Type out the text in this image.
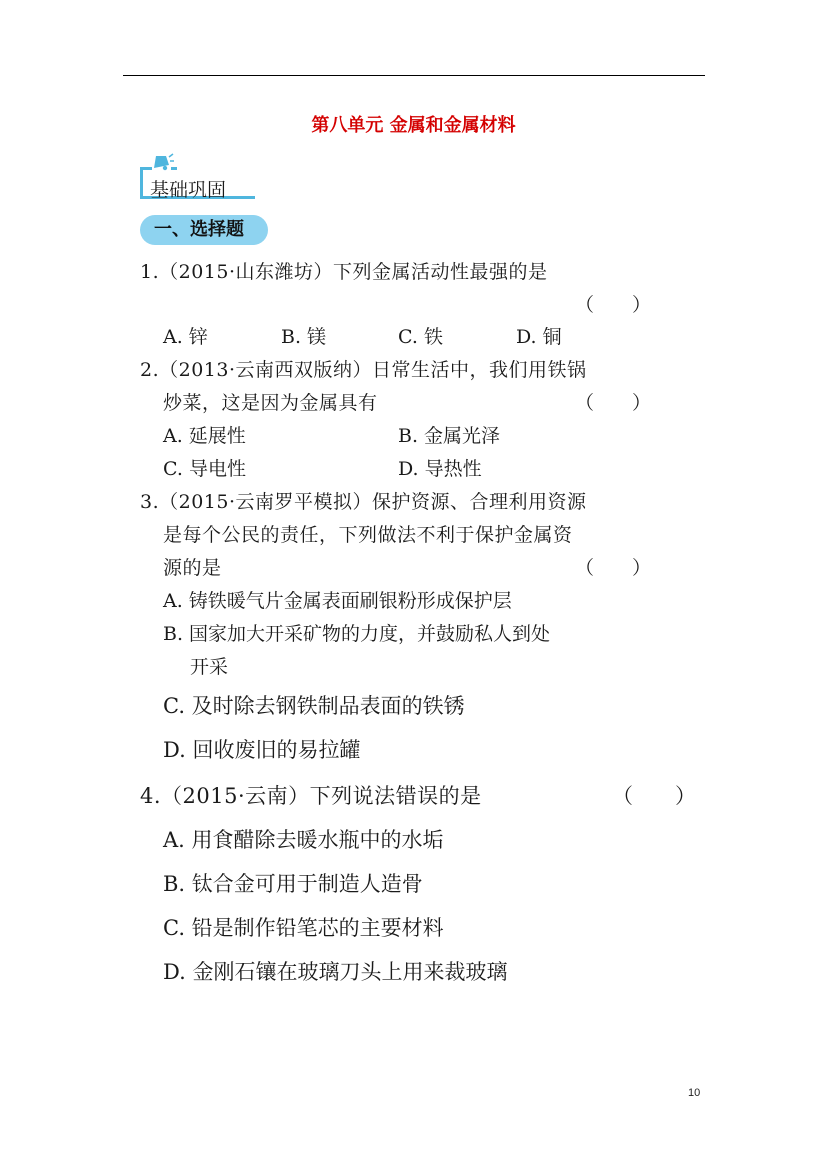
第八单元 金属和金属材料
基础巩固
一、选择题
1.（2015·山东潍坊）下列金属活动性最强的是
（　　）
A. 锌	B. 镁	C. 铁	D. 铜
2.（2013·云南西双版纳）日常生活中，我们用铁锅
炒菜，这是因为金属具有	（　　）
A. 延展性	B. 金属光泽
C. 导电性	D. 导热性
3.（2015·云南罗平模拟）保护资源、合理利用资源
是每个公民的责任，下列做法不利于保护金属资
源的是	（　　）
A. 铸铁暖气片金属表面刷银粉形成保护层
B. 国家加大开采矿物的力度，并鼓励私人到处
开采
C. 及时除去钢铁制品表面的铁锈
D. 回收废旧的易拉罐
4.（2015·云南）下列说法错误的是	（　　）
A. 用食醋除去暖水瓶中的水垢
B. 钛合金可用于制造人造骨
C. 铅是制作铅笔芯的主要材料
D. 金刚石镶在玻璃刀头上用来裁玻璃
10
